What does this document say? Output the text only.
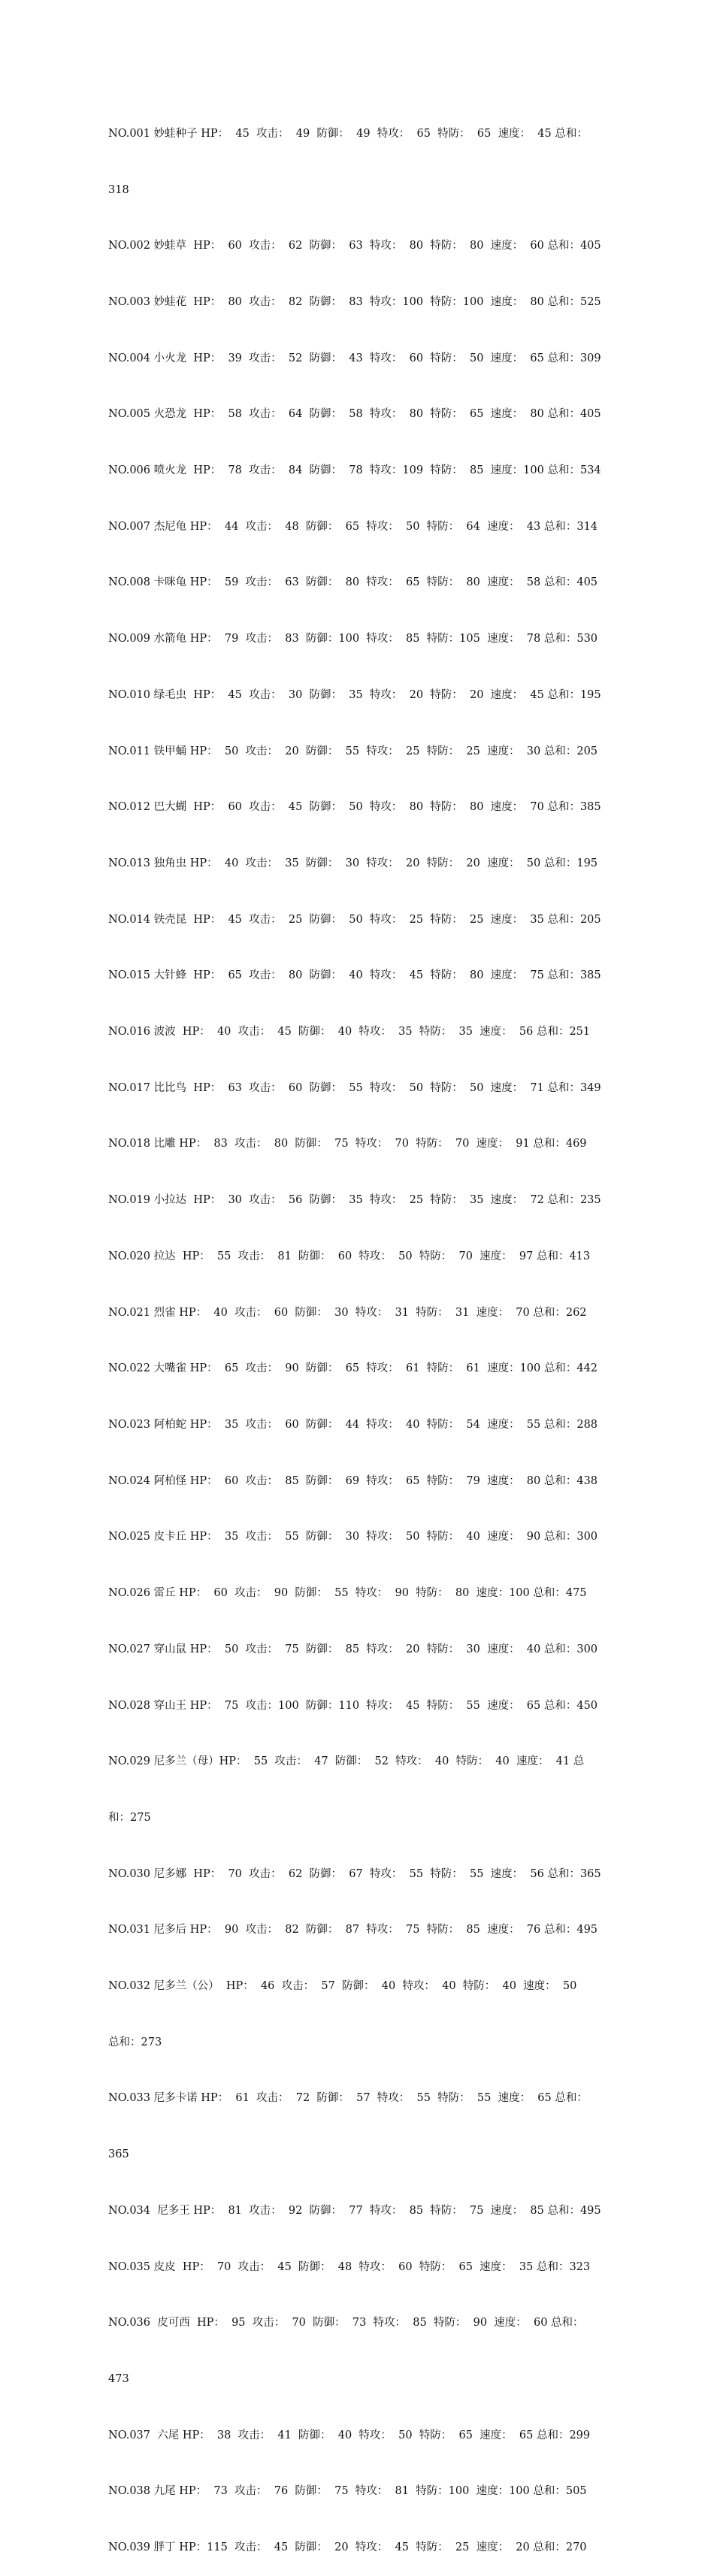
NO.001 妙蛙种子 HP：  45  攻击：  49  防御：  49  特攻：  65  特防：  65  速度：  45 总和：

318

NO.002 妙蛙草  HP：  60  攻击：  62  防御：  63  特攻：  80  特防：  80  速度：  60 总和：405

NO.003 妙蛙花  HP：  80  攻击：  82  防御：  83  特攻：100  特防：100  速度：  80 总和：525

NO.004 小火龙  HP：  39  攻击：  52  防御：  43  特攻：  60  特防：  50  速度：  65 总和：309

NO.005 火恐龙  HP：  58  攻击：  64  防御：  58  特攻：  80  特防：  65  速度：  80 总和：405

NO.006 喷火龙  HP：  78  攻击：  84  防御：  78  特攻：109  特防：  85  速度：100 总和：534

NO.007 杰尼龟 HP：  44  攻击：  48  防御：  65  特攻：  50  特防：  64  速度：  43 总和：314

NO.008 卡咪龟 HP：  59  攻击：  63  防御：  80  特攻：  65  特防：  80  速度：  58 总和：405

NO.009 水箭龟 HP：  79  攻击：  83  防御：100  特攻：  85  特防：105  速度：  78 总和：530

NO.010 绿毛虫  HP：  45  攻击：  30  防御：  35  特攻：  20  特防：  20  速度：  45 总和：195

NO.011 铁甲蛹 HP：  50  攻击：  20  防御：  55  特攻：  25  特防：  25  速度：  30 总和：205

NO.012 巴大蝴  HP：  60  攻击：  45  防御：  50  特攻：  80  特防：  80  速度：  70 总和：385

NO.013 独角虫 HP：  40  攻击：  35  防御：  30  特攻：  20  特防：  20  速度：  50 总和：195

NO.014 铁壳昆  HP：  45  攻击：  25  防御：  50  特攻：  25  特防：  25  速度：  35 总和：205

NO.015 大针蜂  HP：  65  攻击：  80  防御：  40  特攻：  45  特防：  80  速度：  75 总和：385

NO.016 波波  HP：  40  攻击：  45  防御：  40  特攻：  35  特防：  35  速度：  56 总和：251

NO.017 比比鸟  HP：  63  攻击：  60  防御：  55  特攻：  50  特防：  50  速度：  71 总和：349

NO.018 比雕 HP：  83  攻击：  80  防御：  75  特攻：  70  特防：  70  速度：  91 总和：469

NO.019 小拉达  HP：  30  攻击：  56  防御：  35  特攻：  25  特防：  35  速度：  72 总和：235

NO.020 拉达  HP：  55  攻击：  81  防御：  60  特攻：  50  特防：  70  速度：  97 总和：413

NO.021 烈雀 HP：  40  攻击：  60  防御：  30  特攻：  31  特防：  31  速度：  70 总和：262

NO.022 大嘴雀 HP：  65  攻击：  90  防御：  65  特攻：  61  特防：  61  速度：100 总和：442

NO.023 阿柏蛇 HP：  35  攻击：  60  防御：  44  特攻：  40  特防：  54  速度：  55 总和：288

NO.024 阿柏怪 HP：  60  攻击：  85  防御：  69  特攻：  65  特防：  79  速度：  80 总和：438

NO.025 皮卡丘 HP：  35  攻击：  55  防御：  30  特攻：  50  特防：  40  速度：  90 总和：300

NO.026 雷丘 HP：  60  攻击：  90  防御：  55  特攻：  90  特防：  80  速度：100 总和：475

NO.027 穿山鼠 HP：  50  攻击：  75  防御：  85  特攻：  20  特防：  30  速度：  40 总和：300

NO.028 穿山王 HP：  75  攻击：100  防御：110  特攻：  45  特防：  55  速度：  65 总和：450

NO.029 尼多兰（母）HP：  55  攻击：  47  防御：  52  特攻：  40  特防：  40  速度：  41 总

和：275

NO.030 尼多娜  HP：  70  攻击：  62  防御：  67  特攻：  55  特防：  55  速度：  56 总和：365

NO.031 尼多后 HP：  90  攻击：  82  防御：  87  特攻：  75  特防：  85  速度：  76 总和：495

NO.032 尼多兰（公）  HP：  46  攻击：  57  防御：  40  特攻：  40  特防：  40  速度：  50

总和：273

NO.033 尼多卡诺 HP：  61  攻击：  72  防御：  57  特攻：  55  特防：  55  速度：  65 总和：

365

NO.034  尼多王 HP：  81  攻击：  92  防御：  77  特攻：  85  特防：  75  速度：  85 总和：495

NO.035 皮皮  HP：  70  攻击：  45  防御：  48  特攻：  60  特防：  65  速度：  35 总和：323

NO.036  皮可西  HP：  95  攻击：  70  防御：  73  特攻：  85  特防：  90  速度：  60 总和：

473

NO.037  六尾 HP：  38  攻击：  41  防御：  40  特攻：  50  特防：  65  速度：  65 总和：299

NO.038 九尾 HP：  73  攻击：  76  防御：  75  特攻：  81  特防：100  速度：100 总和：505

NO.039 胖丁 HP：115  攻击：  45  防御：  20  特攻：  45  特防：  25  速度：  20 总和：270
